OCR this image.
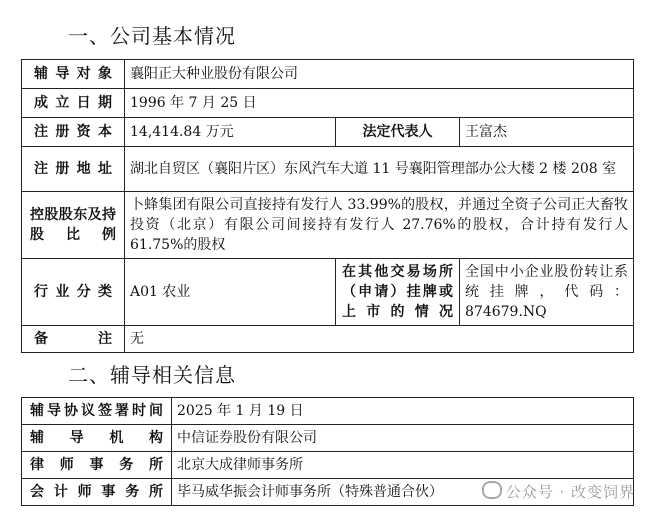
一、公司基本情况
辅导对象	襄阳正大种业股份有限公司		
成立日期	1996 年 7 月 25 日		
注册资本	14,414.84 万元	法定代表人	王富杰
注册地址	湖北自贸区（襄阳片区）东风汽车大道 11 号襄阳管理部办公大楼 2 楼 208 室		
控股股东及持股比例	卜蜂集团有限公司直接持有发行人 33.99%的股权，并通过全资子公司正大畜牧投资（北京）有限公司间接持有发行人 27.76%的股权，合计持有发行人 61.75%的股权		
行业分类	A01 农业	在其他交易场所（申请）挂牌或上市的情况	全国中小企业股份转让系统挂牌，代码：874679.NQ
备注	无		
二、辅导相关信息
辅导协议签署时间	2025 年 1 月 19 日
辅导机构	中信证券股份有限公司
律师事务所	北京大成律师事务所
会计师事务所	毕马威华振会计师事务所（特殊普通合伙）	公众号 · 改变饲界
